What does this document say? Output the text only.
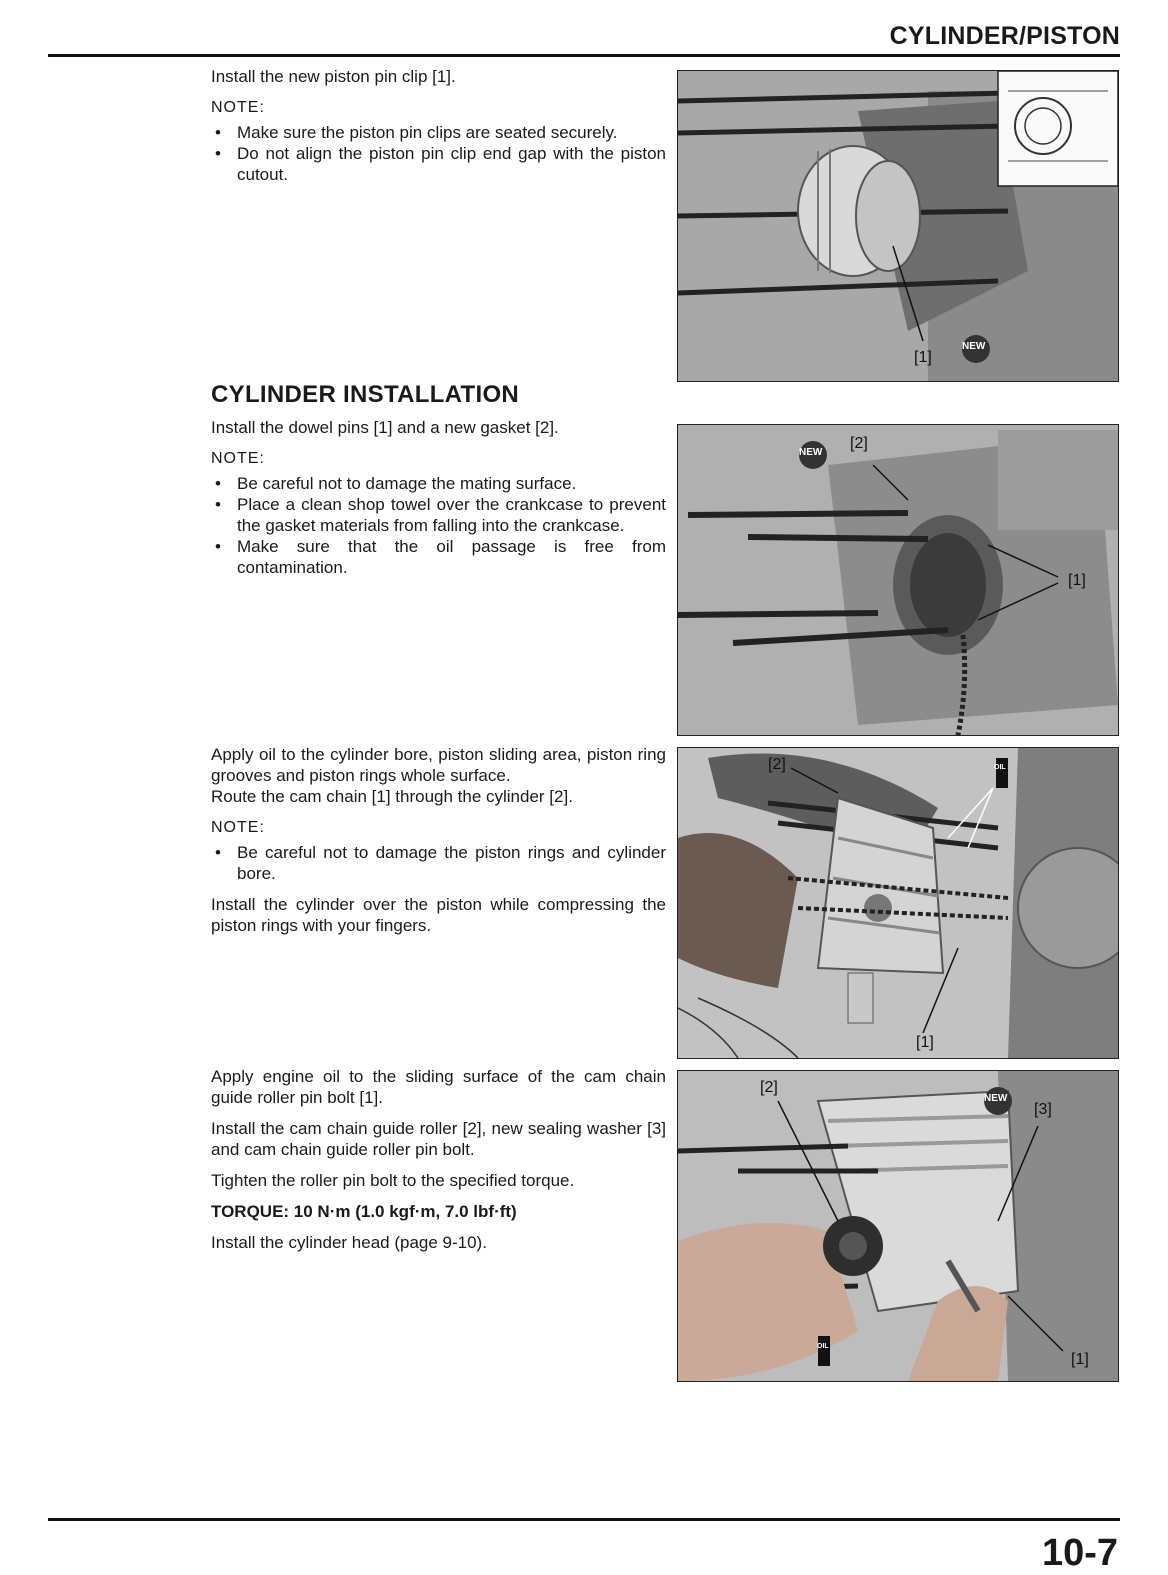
CYLINDER/PISTON

Install the new piston pin clip [1].

NOTE:
• Make sure the piston pin clips are seated securely.
• Do not align the piston pin clip end gap with the piston cutout.
[1]
NEW
CYLINDER INSTALLATION

Install the dowel pins [1] and a new gasket [2].

NOTE:
• Be careful not to damage the mating surface.
• Place a clean shop towel over the crankcase to prevent the gasket materials from falling into the crankcase.
• Make sure that the oil passage is free from contamination.
[2]
[1]
NEW

Apply oil to the cylinder bore, piston sliding area, piston ring grooves and piston rings whole surface.

Route the cam chain [1] through the cylinder [2].

NOTE:
• Be careful not to damage the piston rings and cylinder bore.

Install the cylinder over the piston while compressing the piston rings with your fingers.

[2]
[1]
OIL

Apply engine oil to the sliding surface of the cam chain guide roller pin bolt [1].

Install the cam chain guide roller [2], new sealing washer [3] and cam chain guide roller pin bolt.

Tighten the roller pin bolt to the specified torque.

TORQUE: 10 N·m (1.0 kgf·m, 7.0 lbf·ft)

Install the cylinder head (page 9-10).

[2]
[3]
[1]
NEW
OIL
10-7
